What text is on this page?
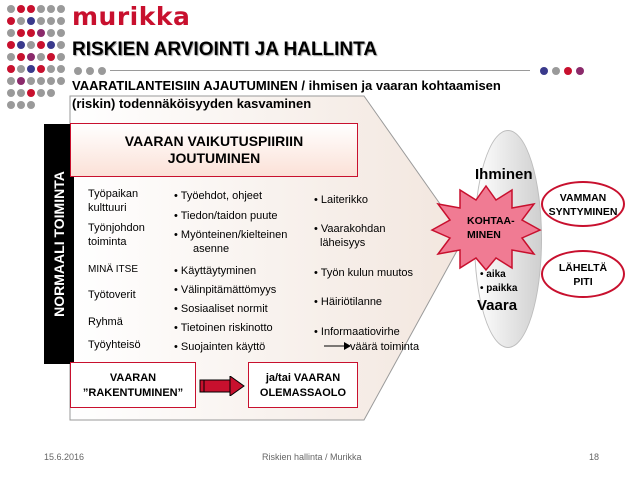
murikka
RISKIEN ARVIOINTI JA HALLINTA
VAARATILANTEISIIN AJAUTUMINEN / ihmisen ja vaaran kohtaamisen
(riskin) todennäköisyyden kasvaminen
NORMAALI TOIMINTA
VAARAN VAIKUTUSPIIRIIN
JOUTUMINEN
Työpaikan
kulttuuri
Työnjohdon
toiminta
MINÄ ITSE
Työtoverit
Ryhmä
Työyhteisö
• Työehdot, ohjeet
• Tiedon/taidon puute
• Myönteinen/kielteinen
asenne
• Käyttäytyminen
• Välinpitämättömyys
• Sosiaaliset normit
• Tietoinen riskinotto
• Suojainten käyttö
• Laiterikko
• Vaarakohdan
läheisyys
• Työn kulun muutos
• Häiriötilanne
• Informaatiovirhe
väärä toiminta
VAARAN
”RAKENTUMINEN”
ja/tai VAARAN
OLEMASSAOLO
Ihminen
• aika
• paikka
Vaara
KOHTAA-
MINEN
VAMMAN
SYNTYMINEN
LÄHELTÄ
PITI
15.6.2016	Riskien hallinta / Murikka	18
